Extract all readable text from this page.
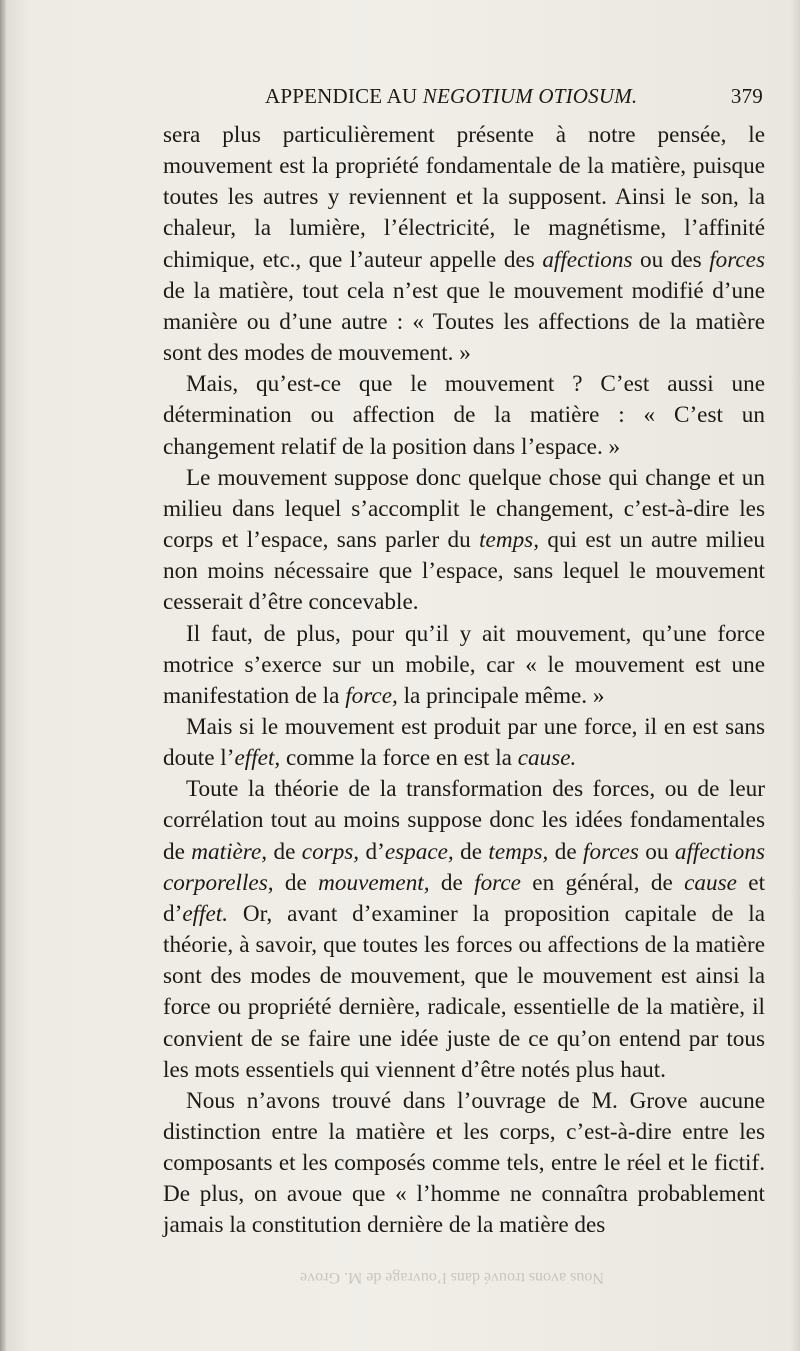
APPENDICE AU NEGOTIUM OTIOSUM.	379

sera plus particulièrement présente à notre pensée, le mouvement est la propriété fondamentale de la matière, puisque toutes les autres y reviennent et la supposent. Ainsi le son, la chaleur, la lumière, l’électricité, le magnétisme, l’affinité chimique, etc., que l’auteur appelle des affections ou des forces de la matière, tout cela n’est que le mouvement modifié d’une manière ou d’une autre : « Toutes les affections de la matière sont des modes de mouvement. »

Mais, qu’est-ce que le mouvement ? C’est aussi une détermination ou affection de la matière : « C’est un changement relatif de la position dans l’espace. »

Le mouvement suppose donc quelque chose qui change et un milieu dans lequel s’accomplit le changement, c’est-à-dire les corps et l’espace, sans parler du temps, qui est un autre milieu non moins nécessaire que l’espace, sans lequel le mouvement cesserait d’être concevable.

Il faut, de plus, pour qu’il y ait mouvement, qu’une force motrice s’exerce sur un mobile, car « le mouvement est une manifestation de la force, la principale même. »

Mais si le mouvement est produit par une force, il en est sans doute l’effet, comme la force en est la cause.

Toute la théorie de la transformation des forces, ou de leur corrélation tout au moins suppose donc les idées fondamentales de matière, de corps, d’espace, de temps, de forces ou affections corporelles, de mouvement, de force en général, de cause et d’effet. Or, avant d’examiner la proposition capitale de la théorie, à savoir, que toutes les forces ou affections de la matière sont des modes de mouvement, que le mouvement est ainsi la force ou propriété dernière, radicale, essentielle de la matière, il convient de se faire une idée juste de ce qu’on entend par tous les mots essentiels qui viennent d’être notés plus haut.

Nous n’avons trouvé dans l’ouvrage de M. Grove aucune distinction entre la matière et les corps, c’est-à-dire entre les composants et les composés comme tels, entre le réel et le fictif. De plus, on avoue que « l’homme ne connaîtra probablement jamais la constitution dernière de la matière des

Nous avons trouvé dans l’ouvrage de M. Grove
